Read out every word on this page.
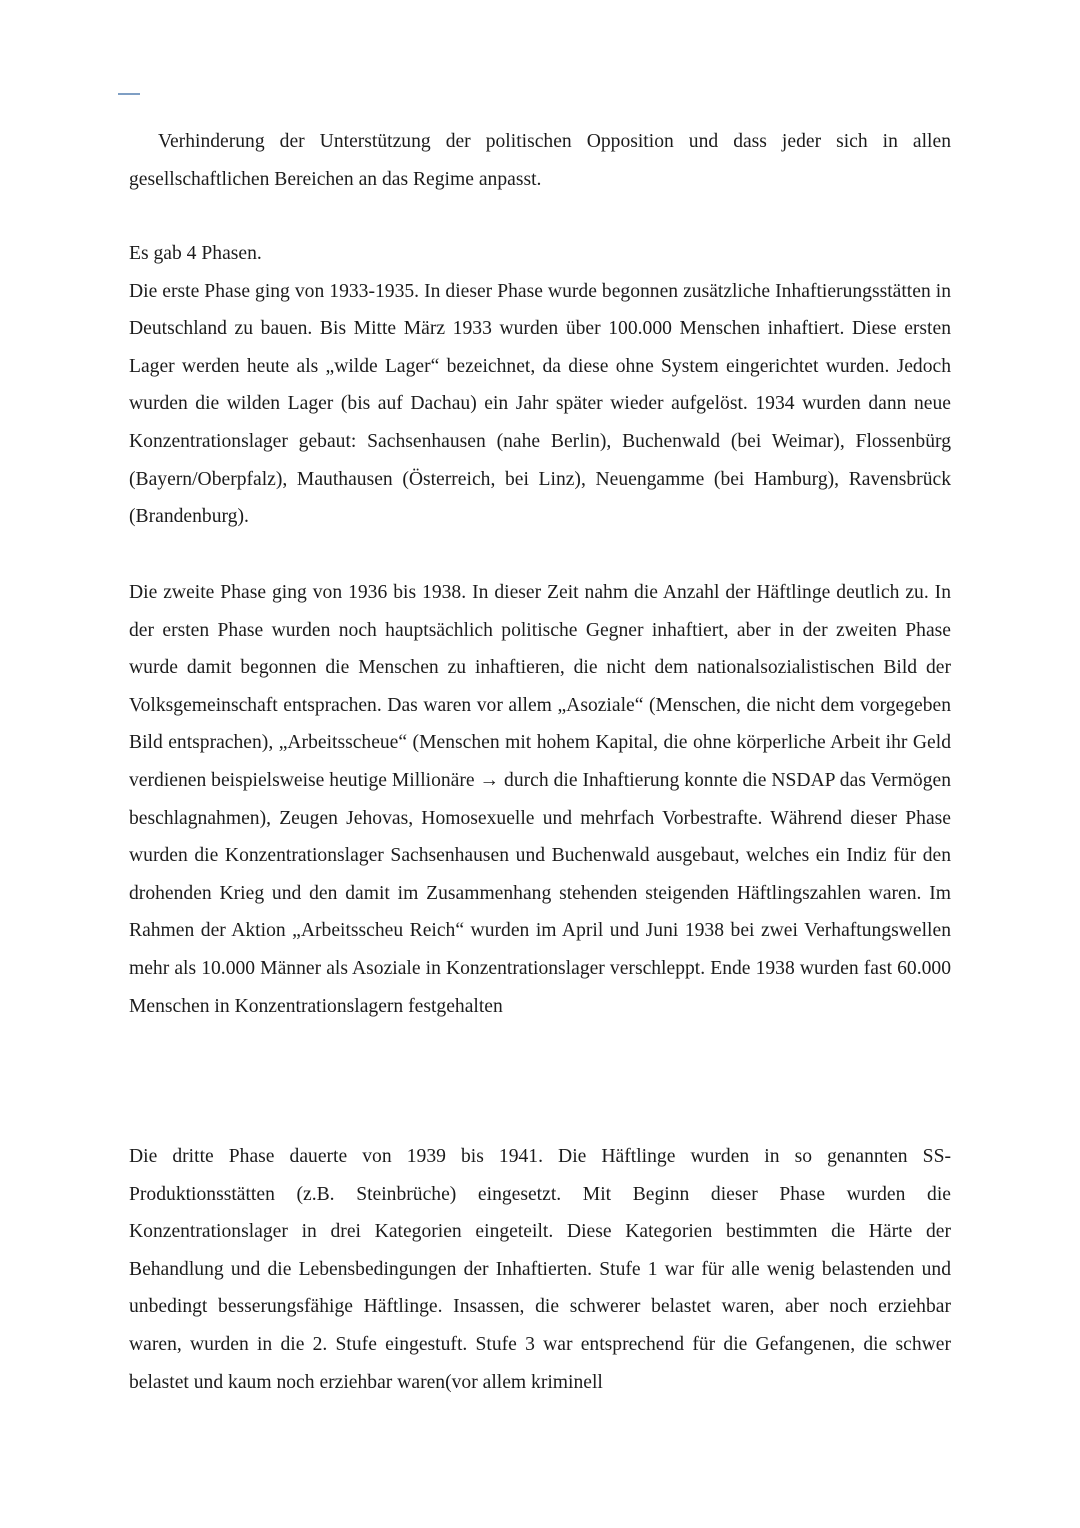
Verhinderung der Unterstützung der politischen Opposition und dass jeder sich in allen gesellschaftlichen Bereichen an das Regime anpasst.

Es gab 4 Phasen.

Die erste Phase ging von 1933-1935. In dieser Phase wurde begonnen zusätzliche Inhaftierungsstätten in Deutschland zu bauen. Bis Mitte März 1933 wurden über 100.000 Menschen inhaftiert. Diese ersten Lager werden heute als „wilde Lager“ bezeichnet, da diese ohne System eingerichtet wurden. Jedoch wurden die wilden Lager (bis auf Dachau) ein Jahr später wieder aufgelöst. 1934 wurden dann neue Konzentrationslager gebaut: Sachsenhausen (nahe Berlin), Buchenwald (bei Weimar), Flossenbürg (Bayern/Oberpfalz), Mauthausen (Österreich, bei Linz), Neuengamme (bei Hamburg), Ravensbrück (Brandenburg).

Die zweite Phase ging von 1936 bis 1938. In dieser Zeit nahm die Anzahl der Häftlinge deutlich zu. In der ersten Phase wurden noch hauptsächlich politische Gegner inhaftiert, aber in der zweiten Phase wurde damit begonnen die Menschen zu inhaftieren, die nicht dem nationalsozialistischen Bild der Volksgemeinschaft entsprachen. Das waren vor allem „Asoziale“ (Menschen, die nicht dem vorgegeben Bild entsprachen), „Arbeitsscheue“ (Menschen mit hohem Kapital, die ohne körperliche Arbeit ihr Geld verdienen beispielsweise heutige Millionäre → durch die Inhaftierung konnte die NSDAP das Vermögen beschlagnahmen), Zeugen Jehovas, Homosexuelle und mehrfach Vorbestrafte. Während dieser Phase wurden die Konzentrationslager Sachsenhausen und Buchenwald ausgebaut, welches ein Indiz für den drohenden Krieg und den damit im Zusammenhang stehenden steigenden Häftlingszahlen waren. Im Rahmen der Aktion „Arbeitsscheu Reich“ wurden im April und Juni 1938 bei zwei Verhaftungswellen mehr als 10.000 Männer als Asoziale in Konzentrationslager verschleppt. Ende 1938 wurden fast 60.000 Menschen in Konzentrationslagern festgehalten

Die dritte Phase dauerte von 1939 bis 1941. Die Häftlinge wurden in so genannten SS-Produktionsstätten (z.B. Steinbrüche) eingesetzt. Mit Beginn dieser Phase wurden die Konzentrationslager in drei Kategorien eingeteilt. Diese Kategorien bestimmten die Härte der Behandlung und die Lebensbedingungen der Inhaftierten. Stufe 1 war für alle wenig belastenden und unbedingt besserungsfähige Häftlinge. Insassen, die schwerer belastet waren, aber noch erziehbar waren, wurden in die 2. Stufe eingestuft. Stufe 3 war entsprechend für die Gefangenen, die schwer belastet und kaum noch erziehbar waren(vor allem kriminell
